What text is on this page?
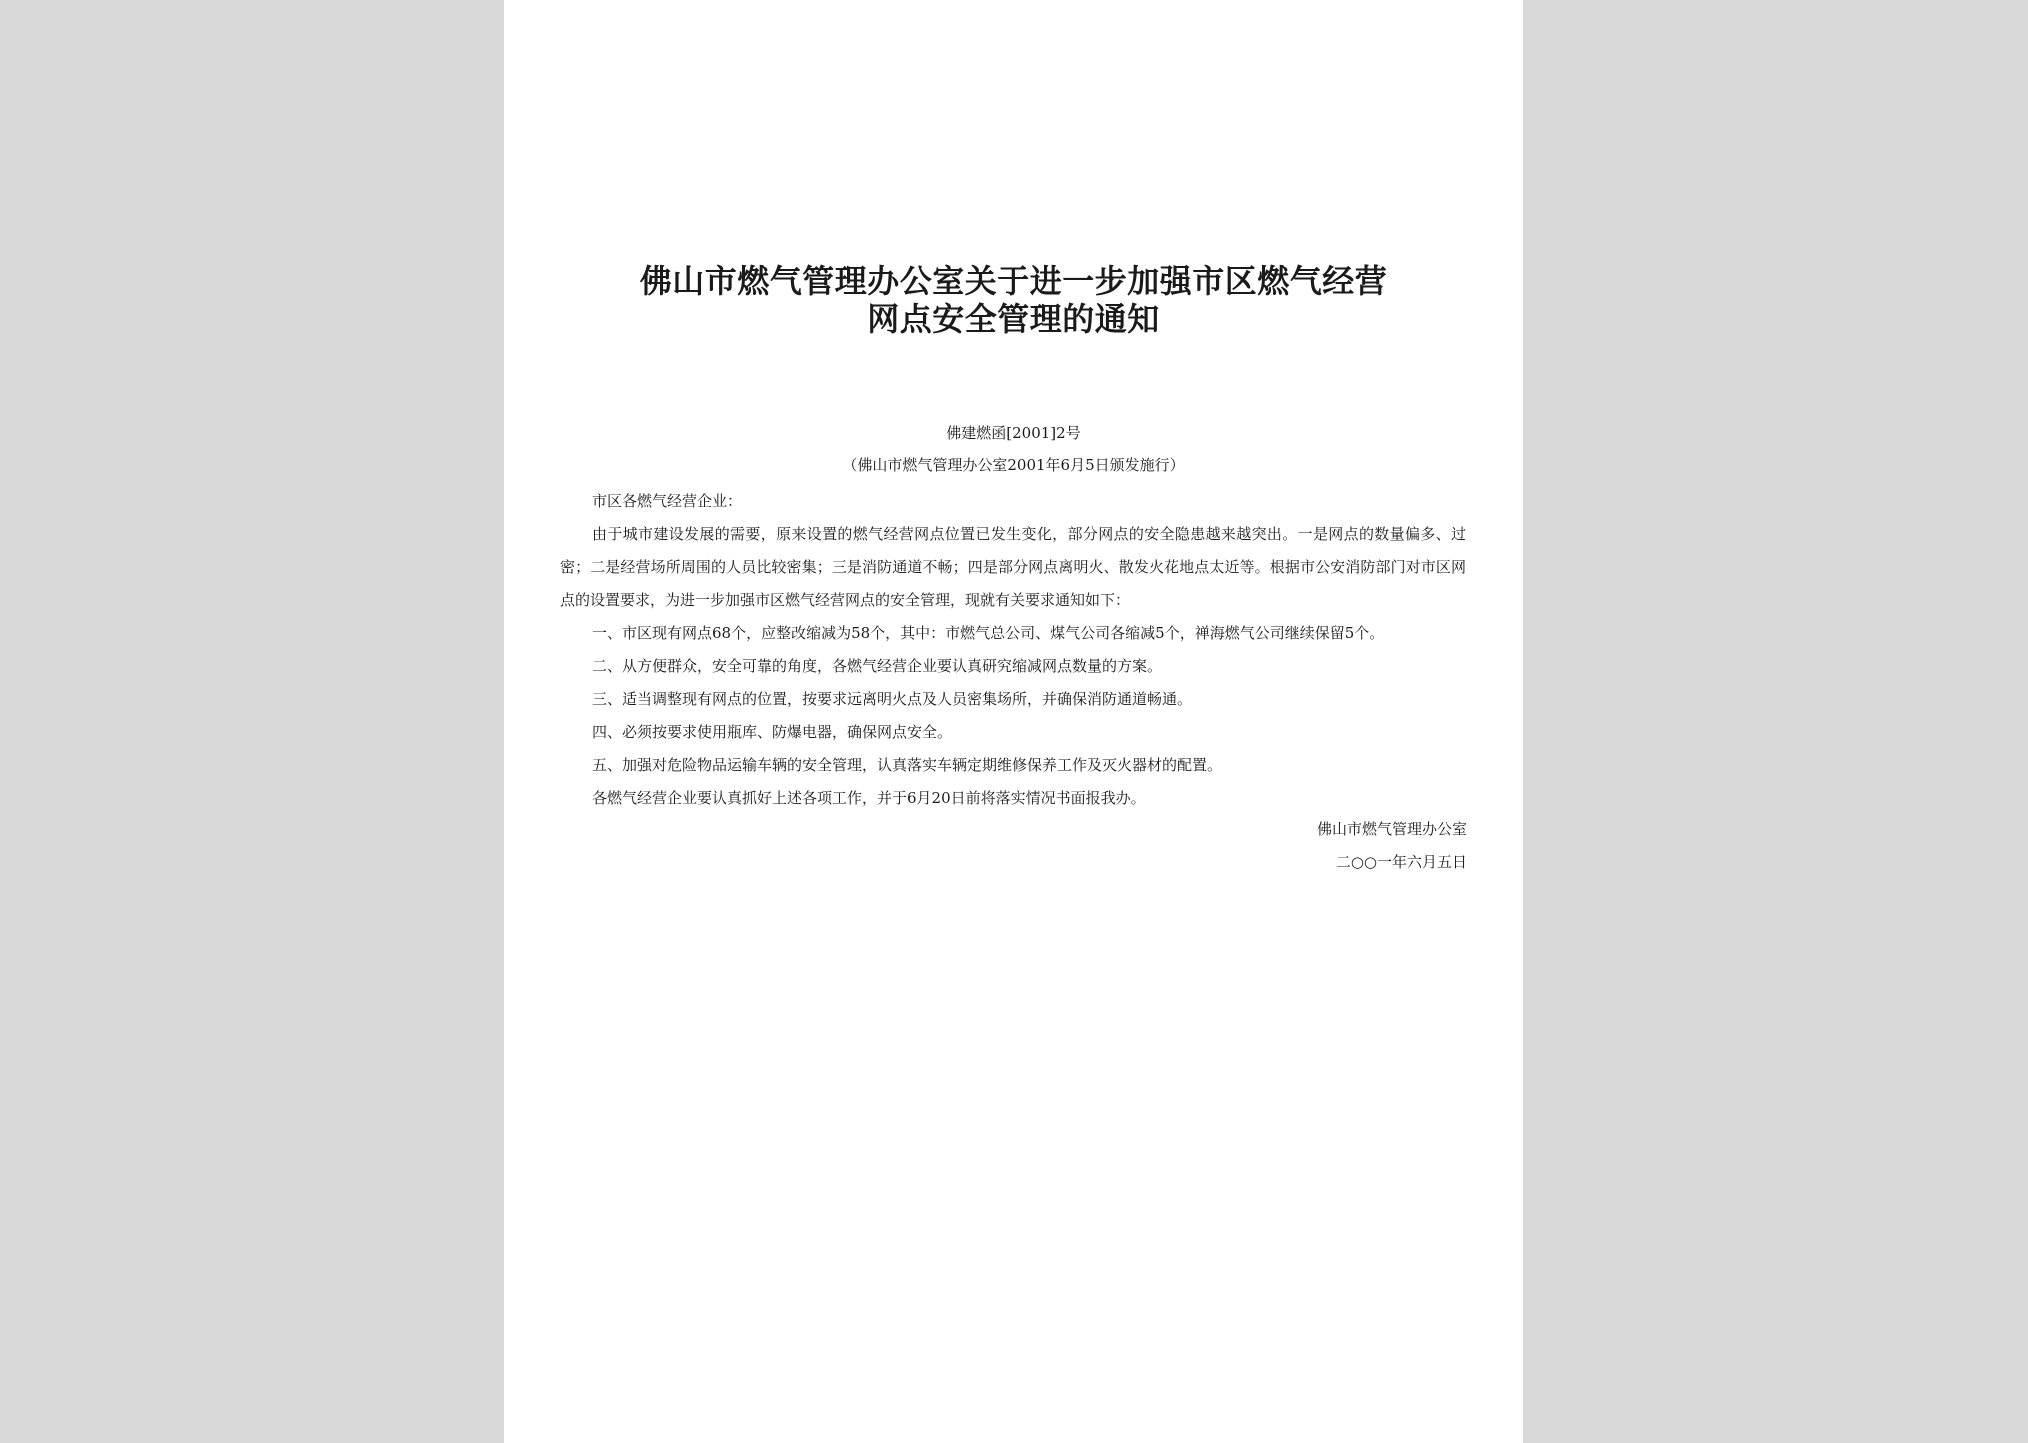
佛山市燃气管理办公室关于进一步加强市区燃气经营
网点安全管理的通知
佛建燃函[2001]2号
（佛山市燃气管理办公室2001年6月5日颁发施行）

市区各燃气经营企业：

由于城市建设发展的需要，原来设置的燃气经营网点位置已发生变化，部分网点的安全隐患越来越突出。一是网点的数量偏多、过密；二是经营场所周围的人员比较密集；三是消防通道不畅；四是部分网点离明火、散发火花地点太近等。根据市公安消防部门对市区网点的设置要求，为进一步加强市区燃气经营网点的安全管理，现就有关要求通知如下：

一、市区现有网点68个，应整改缩减为58个，其中：市燃气总公司、煤气公司各缩减5个，禅海燃气公司继续保留5个。

二、从方便群众，安全可靠的角度，各燃气经营企业要认真研究缩减网点数量的方案。

三、适当调整现有网点的位置，按要求远离明火点及人员密集场所，并确保消防通道畅通。

四、必须按要求使用瓶库、防爆电器，确保网点安全。

五、加强对危险物品运输车辆的安全管理，认真落实车辆定期维修保养工作及灭火器材的配置。

各燃气经营企业要认真抓好上述各项工作，并于6月20日前将落实情况书面报我办。

佛山市燃气管理办公室
二○○一年六月五日
